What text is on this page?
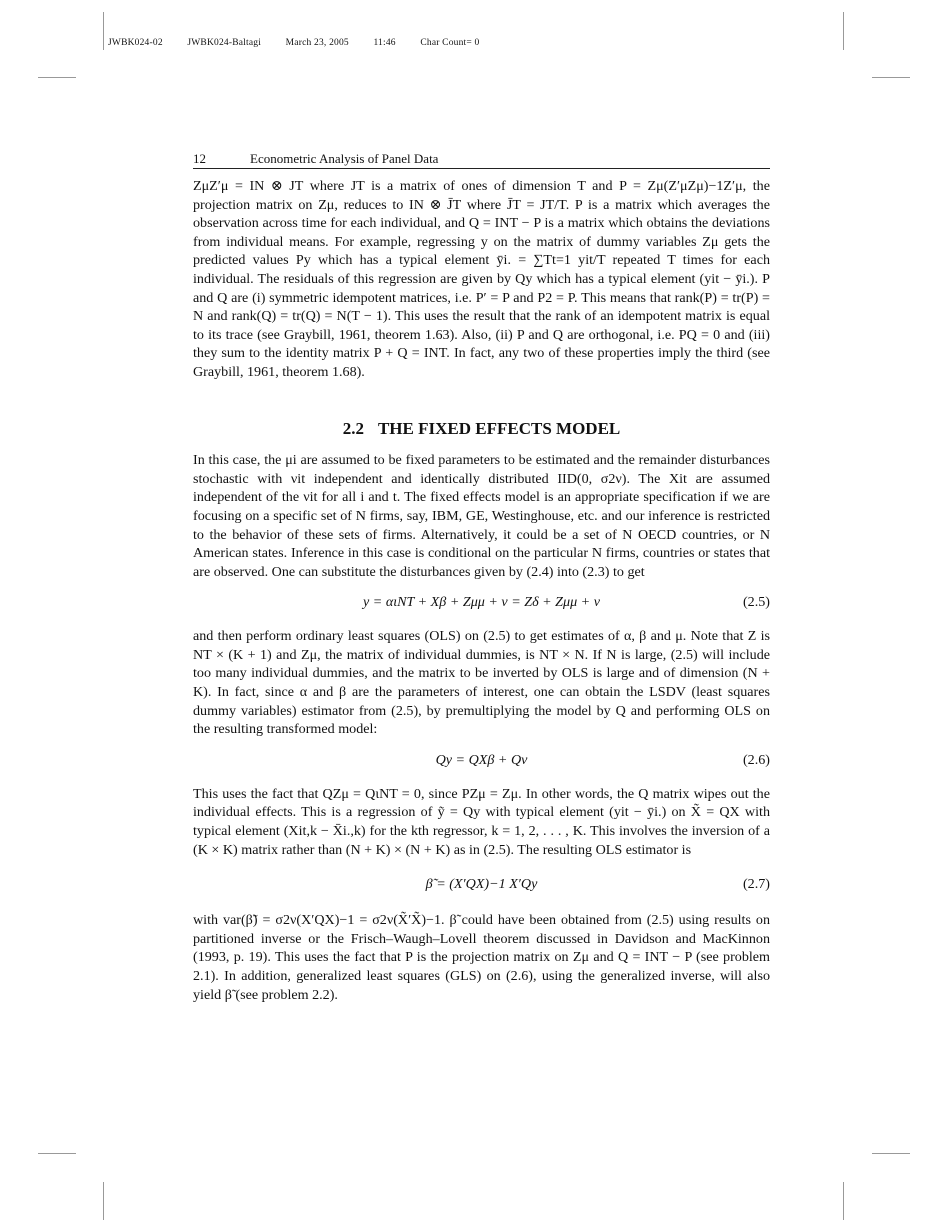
JWBK024-02	JWBK024-Baltagi	March 23, 2005	11:46	Char Count= 0
12	Econometric Analysis of Panel Data

ZμZ′μ = IN ⊗ JT where JT is a matrix of ones of dimension T and P = Zμ(Z′μZμ)−1Z′μ, the projection matrix on Zμ, reduces to IN ⊗ J̄T where J̄T = JT/T. P is a matrix which averages the observation across time for each individual, and Q = INT − P is a matrix which obtains the deviations from individual means. For example, regressing y on the matrix of dummy variables Zμ gets the predicted values Py which has a typical element ȳi. = ∑Tt=1 yit/T repeated T times for each individual. The residuals of this regression are given by Qy which has a typical element (yit − ȳi.). P and Q are (i) symmetric idempotent matrices, i.e. P′ = P and P2 = P. This means that rank(P) = tr(P) = N and rank(Q) = tr(Q) = N(T − 1). This uses the result that the rank of an idempotent matrix is equal to its trace (see Graybill, 1961, theorem 1.63). Also, (ii) P and Q are orthogonal, i.e. PQ = 0 and (iii) they sum to the identity matrix P + Q = INT. In fact, any two of these properties imply the third (see Graybill, 1961, theorem 1.68).

2.2 THE FIXED EFFECTS MODEL

In this case, the μi are assumed to be fixed parameters to be estimated and the remainder disturbances stochastic with νit independent and identically distributed IID(0, σ2ν). The Xit are assumed independent of the νit for all i and t. The fixed effects model is an appropriate specification if we are focusing on a specific set of N firms, say, IBM, GE, Westinghouse, etc. and our inference is restricted to the behavior of these sets of firms. Alternatively, it could be a set of N OECD countries, or N American states. Inference in this case is conditional on the particular N firms, countries or states that are observed. One can substitute the disturbances given by (2.4) into (2.3) to get

y = αιNT + Xβ + Zμμ + ν = Zδ + Zμμ + ν	(2.5)

and then perform ordinary least squares (OLS) on (2.5) to get estimates of α, β and μ. Note that Z is NT × (K + 1) and Zμ, the matrix of individual dummies, is NT × N. If N is large, (2.5) will include too many individual dummies, and the matrix to be inverted by OLS is large and of dimension (N + K). In fact, since α and β are the parameters of interest, one can obtain the LSDV (least squares dummy variables) estimator from (2.5), by premultiplying the model by Q and performing OLS on the resulting transformed model:

Qy = QXβ + Qν	(2.6)

This uses the fact that QZμ = QιNT = 0, since PZμ = Zμ. In other words, the Q matrix wipes out the individual effects. This is a regression of ỹ = Qy with typical element (yit − ȳi.) on X̃ = QX with typical element (Xit,k − X̄i.,k) for the kth regressor, k = 1, 2, . . . , K. This involves the inversion of a (K × K) matrix rather than (N + K) × (N + K) as in (2.5). The resulting OLS estimator is

β̃ = (X′QX)−1 X′Qy	(2.7)

with var(β̃) = σ2ν(X′QX)−1 = σ2ν(X̃′X̃)−1. β̃ could have been obtained from (2.5) using results on partitioned inverse or the Frisch–Waugh–Lovell theorem discussed in Davidson and MacKinnon (1993, p. 19). This uses the fact that P is the projection matrix on Zμ and Q = INT − P (see problem 2.1). In addition, generalized least squares (GLS) on (2.6), using the generalized inverse, will also yield β̃ (see problem 2.2).
